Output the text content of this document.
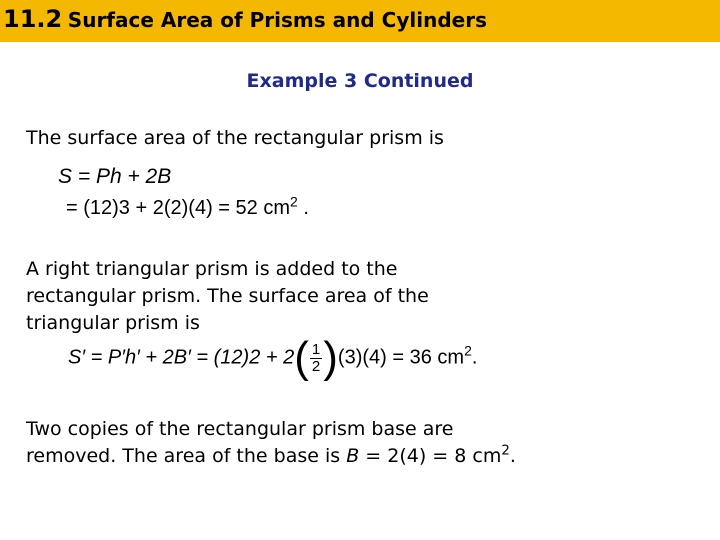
11.2 Surface Area of Prisms and Cylinders
Example 3 Continued

The surface area of the rectangular prism is

S = Ph + 2B
= (12)3 + 2(2)(4) = 52 $cm^2$ .
A right triangular prism is added to the
rectangular prism. The surface area of the
triangular prism is
$S' = P'h' + 2B' = (12)2 + 2( \frac{1}{2} )(3)(4) = 36$ $cm^2$.
Two copies of the rectangular prism base are
removed. The area of the base is B = 2(4) = 8 $cm^2$.
